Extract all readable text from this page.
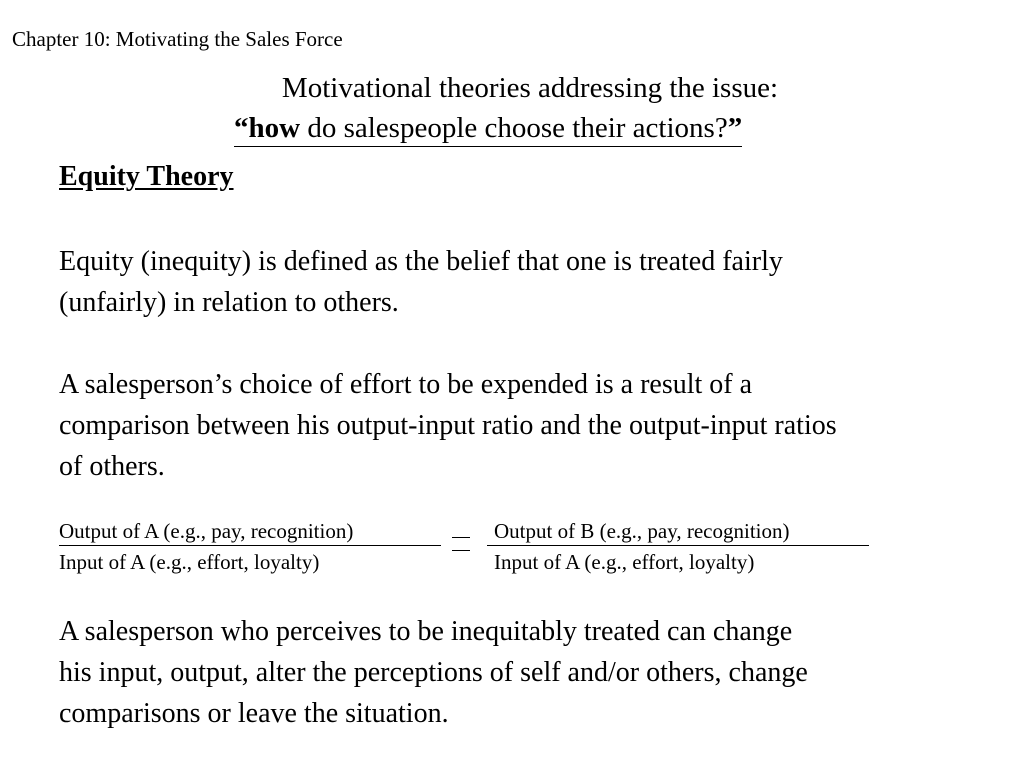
Chapter 10: Motivating the Sales Force
Motivational theories addressing the issue:
“how do salespeople choose their actions?”
Equity Theory
Equity (inequity) is defined as the belief that one is treated fairly
(unfairly) in relation to others.
A salesperson’s choice of effort to be expended is a result of a
comparison between his output-input ratio and the output-input ratios
of others.
Output of A (e.g., pay, recognition)
Input of A (e.g., effort, loyalty)
Output of B (e.g., pay, recognition)
Input of A (e.g., effort, loyalty)
A salesperson who perceives to be inequitably treated can change
his input, output, alter the perceptions of self and/or others, change
comparisons or leave the situation.
